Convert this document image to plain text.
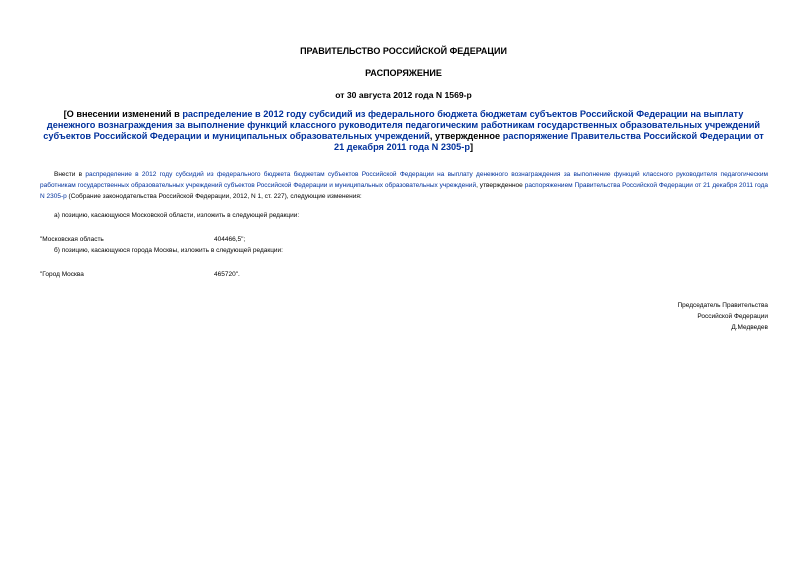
ПРАВИТЕЛЬСТВО РОССИЙСКОЙ ФЕДЕРАЦИИ
РАСПОРЯЖЕНИЕ
от 30 августа 2012 года N 1569-р
[О внесении изменений в распределение в 2012 году субсидий из федерального бюджета бюджетам субъектов Российской Федерации на выплату денежного вознаграждения за выполнение функций классного руководителя педагогическим работникам государственных образовательных учреждений субъектов Российской Федерации и муниципальных образовательных учреждений, утвержденное распоряжение Правительства Российской Федерации от 21 декабря 2011 года N 2305-р]
Внести в распределение в 2012 году субсидий из федерального бюджета бюджетам субъектов Российской Федерации на выплату денежного вознаграждения за выполнение функций классного руководителя педагогическим работникам государственных образовательных учреждений субъектов Российской Федерации и муниципальных образовательных учреждений, утвержденное распоряжением Правительства Российской Федерации от 21 декабря 2011 года N 2305-р (Собрание законодательства Российской Федерации, 2012, N 1, ст. 227), следующие изменения:
а) позицию, касающуюся Московской области, изложить в следующей редакции:
"Московская область	404466,5";
б) позицию, касающуюся города Москвы, изложить в следующей редакции:
"Город Москва	465720".
Председатель Правительства
Российской Федерации
Д.Медведев
